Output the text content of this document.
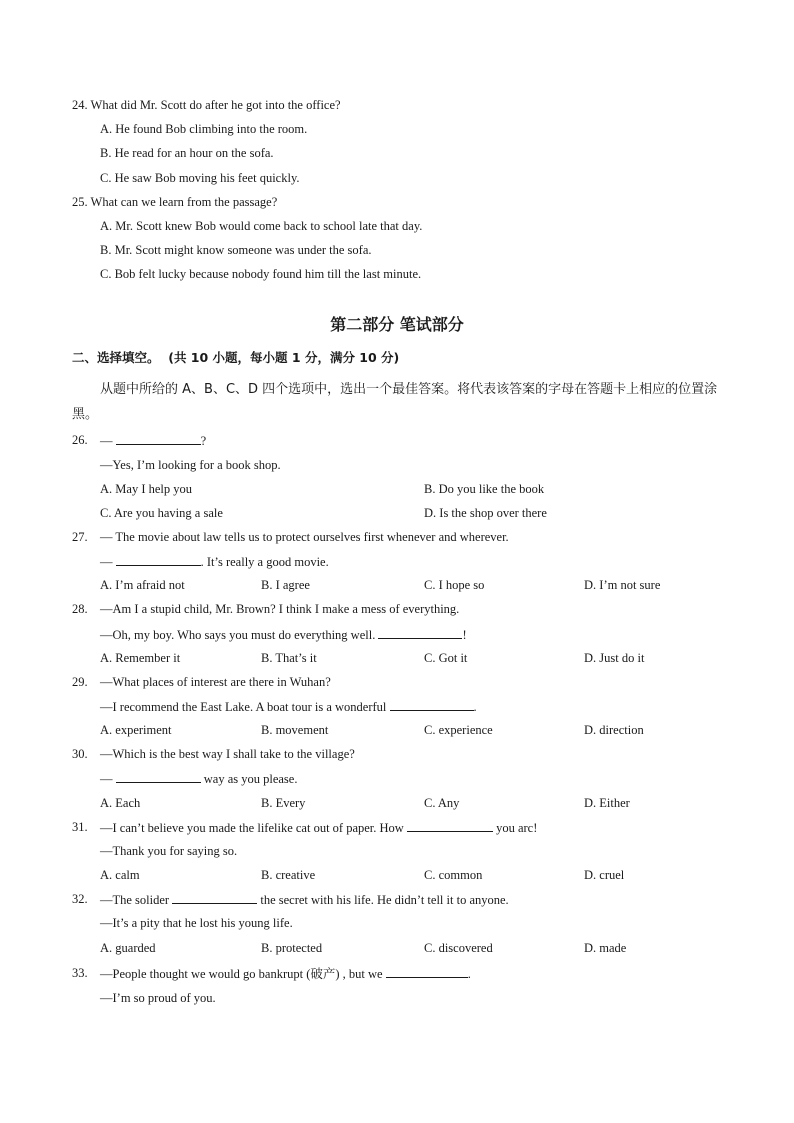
24. What did Mr. Scott do after he got into the office?
A. He found Bob climbing into the room.
B. He read for an hour on the sofa.
C. He saw Bob moving his feet quickly.
25. What can we learn from the passage?
A. Mr. Scott knew Bob would come back to school late that day.
B. Mr. Scott might know someone was under the sofa.
C. Bob felt lucky because nobody found him till the last minute.
第二部分 笔试部分
二、选择填空。 (共 10 小题，每小题 1 分，满分 10 分)
从题中所给的 A、B、C、D 四个选项中，选出一个最佳答案。将代表该答案的字母在答题卡上相应的位置涂黑。
26. —	?
—Yes, I’m looking for a book shop.
A. May I help you	B. Do you like the book
C. Are you having a sale	D. Is the shop over there
27. — The movie about law tells us to protect ourselves first whenever and wherever.
—	. It’s really a good movie.
A. I’m afraid not	B. I agree	C. I hope so	D. I’m not sure
28. —Am I a stupid child, Mr. Brown? I think I make a mess of everything.
—Oh, my boy. Who says you must do everything well.	!
A. Remember it	B. That’s it	C. Got it	D. Just do it
29. —What places of interest are there in Wuhan?
—I recommend the East Lake. A boat tour is a wonderful	.
A. experiment	B. movement	C. experience	D. direction
30. —Which is the best way I shall take to the village?
—	way as you please.
A. Each	B. Every	C. Any	D. Either
31. —I can’t believe you made the lifelike cat out of paper. How	you arc!
—Thank you for saying so.
A. calm	B. creative	C. common	D. cruel
32. —The solider	the secret with his life. He didn’t tell it to anyone.
—It’s a pity that he lost his young life.
A. guarded	B. protected	C. discovered	D. made
33. —People thought we would go bankrupt (破产) , but we	.
—I’m so proud of you.
